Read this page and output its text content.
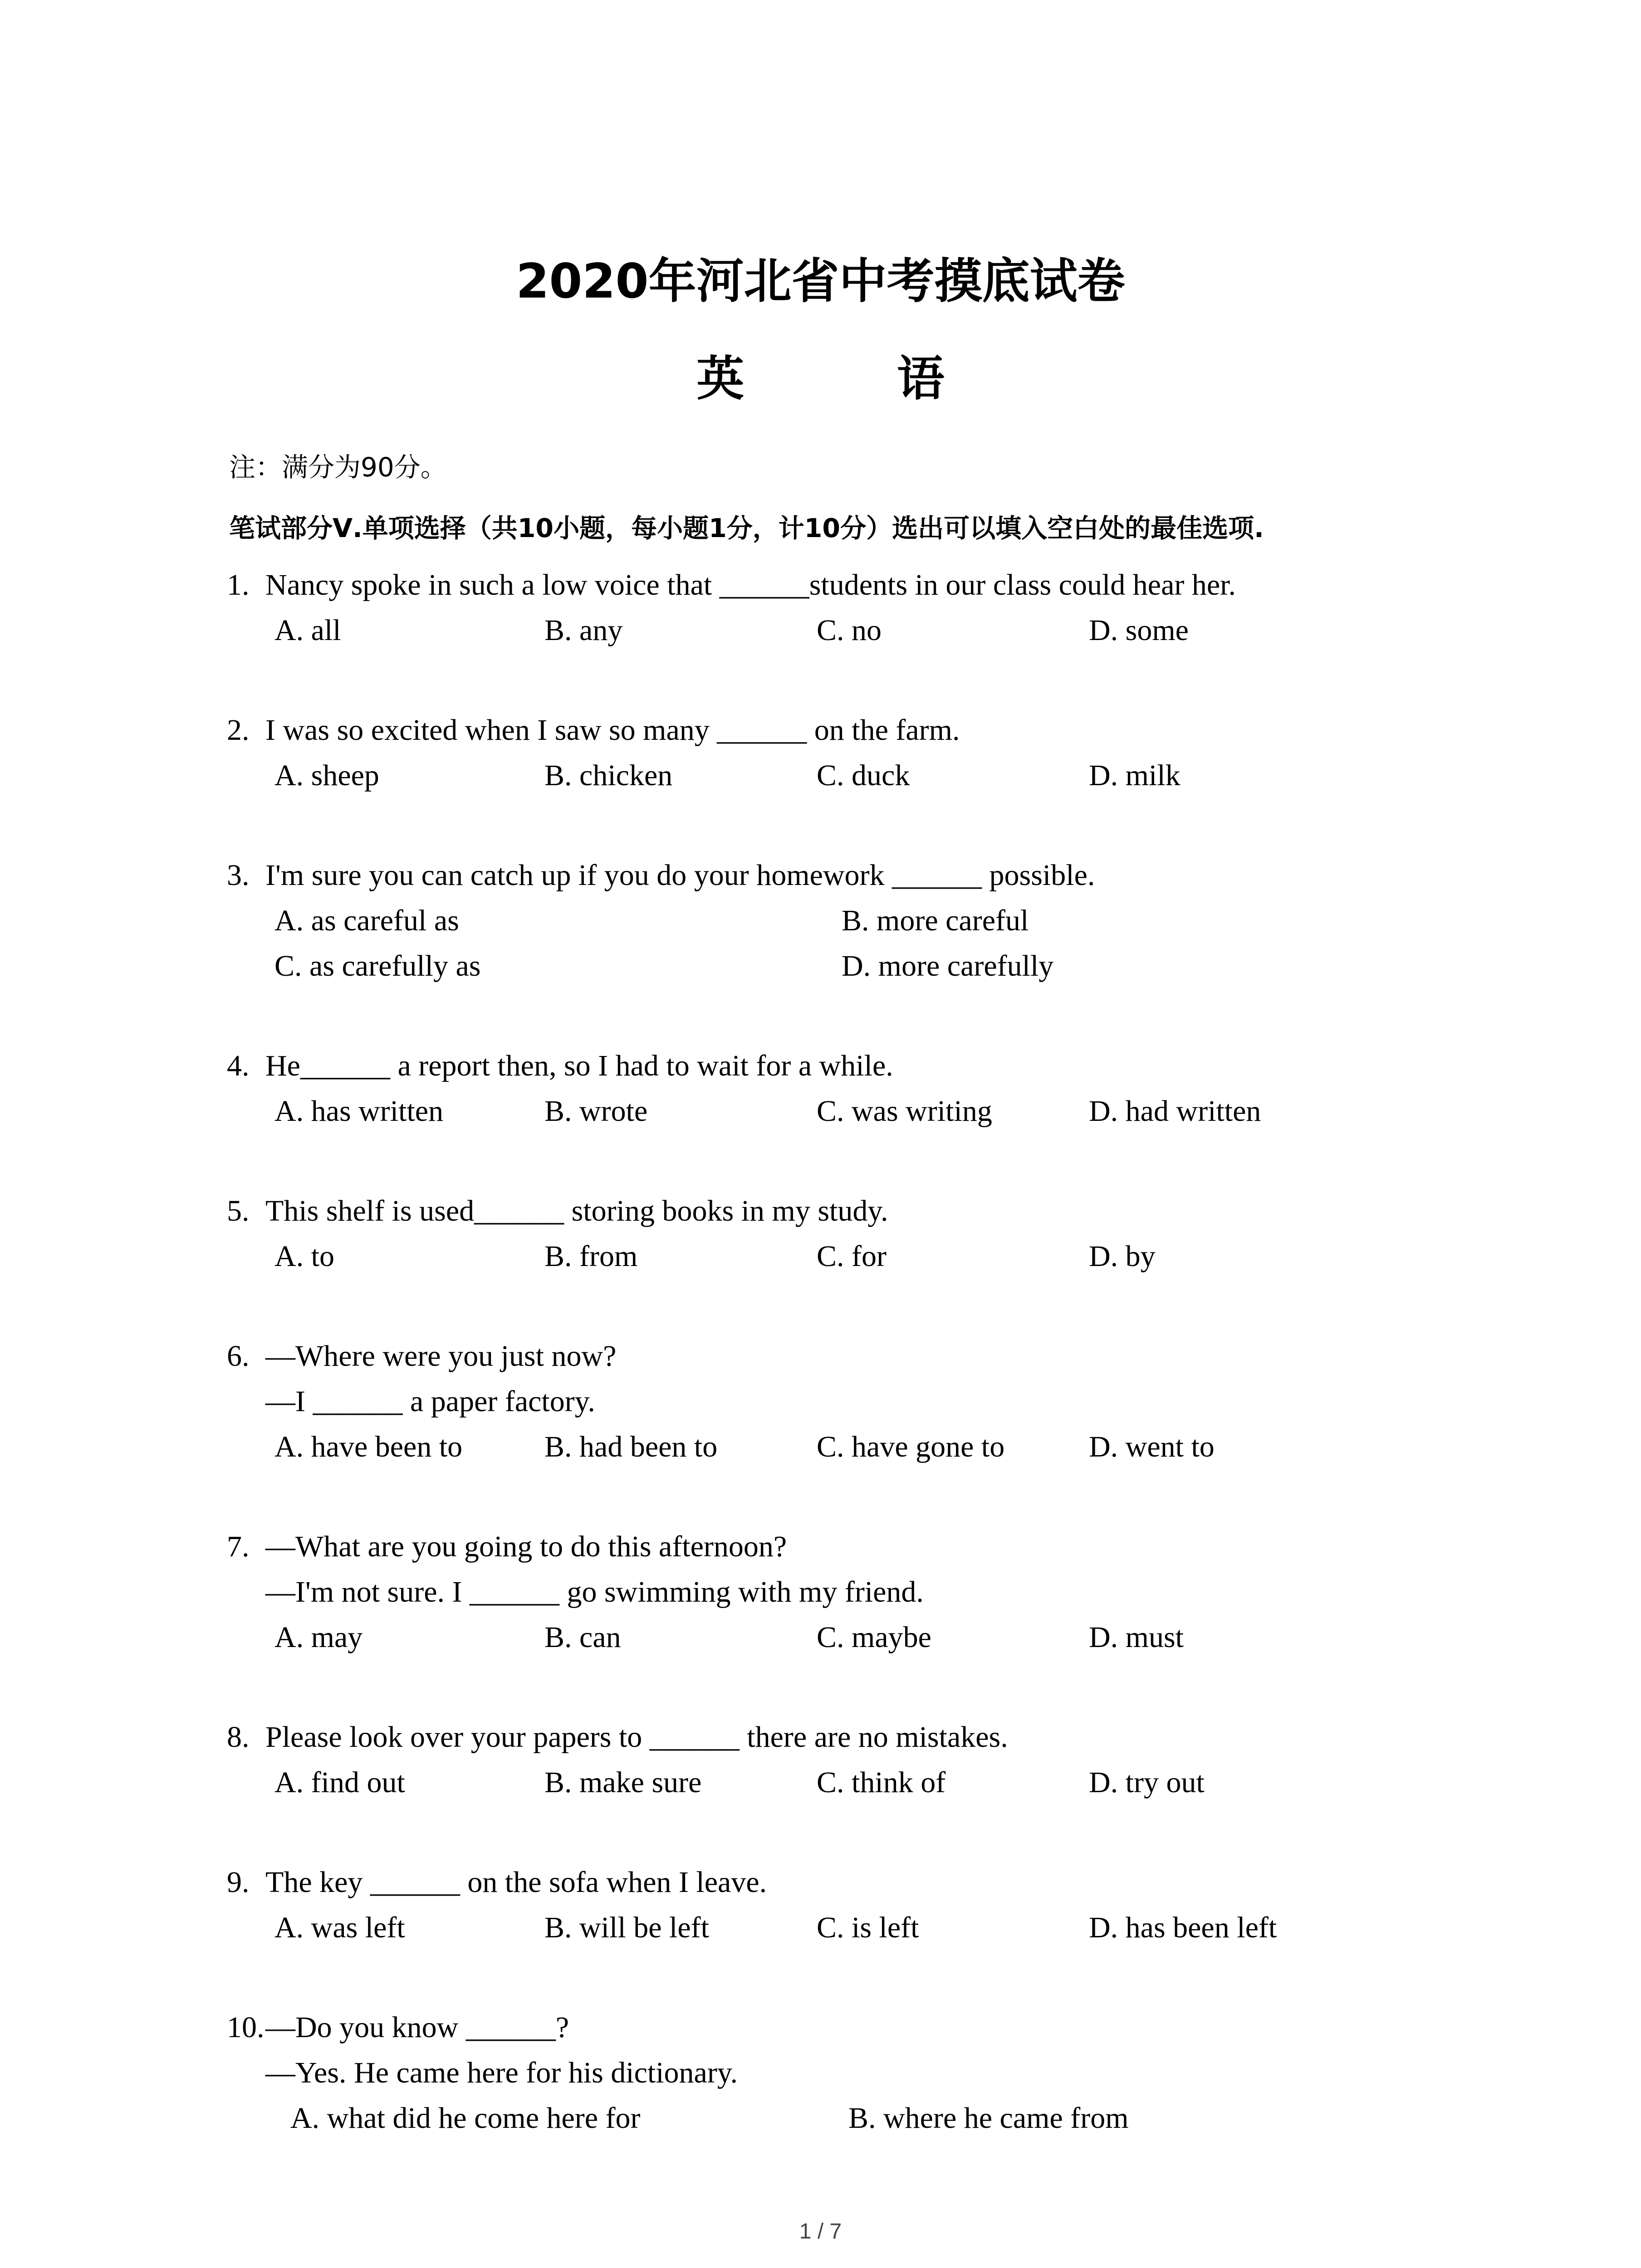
2020年河北省中考摸底试卷
英 语
注：满分为90分。
笔试部分Ⅴ.单项选择（共10小题，每小题1分，计10分）选出可以填入空白处的最佳选项.
1. Nancy spoke in such a low voice that ______students in our class could hear her.
A. all	B. any	C. no	D. some
2. I was so excited when I saw so many ______ on the farm.
A. sheep	B. chicken	C. duck	D. milk
3. I'm sure you can catch up if you do your homework ______ possible.
A. as careful as	B. more careful
C. as carefully as	D. more carefully
4. He______ a report then, so I had to wait for a while.
A. has written	B. wrote	C. was writing	D. had written
5. This shelf is used______ storing books in my study.
A. to	B. from	C. for	D. by
6. —Where were you just now?
—I ______ a paper factory.
A. have been to	B. had been to	C. have gone to	D. went to
7. —What are you going to do this afternoon?
—I'm not sure. I ______ go swimming with my friend.
A. may	B. can	C. maybe	D. must
8. Please look over your papers to ______ there are no mistakes.
A. find out	B. make sure	C. think of	D. try out
9. The key ______ on the sofa when I leave.
A. was left	B. will be left	C. is left	D. has been left
10. —Do you know ______?
—Yes. He came here for his dictionary.
A. what did he come here for	B. where he came from
1 / 7
